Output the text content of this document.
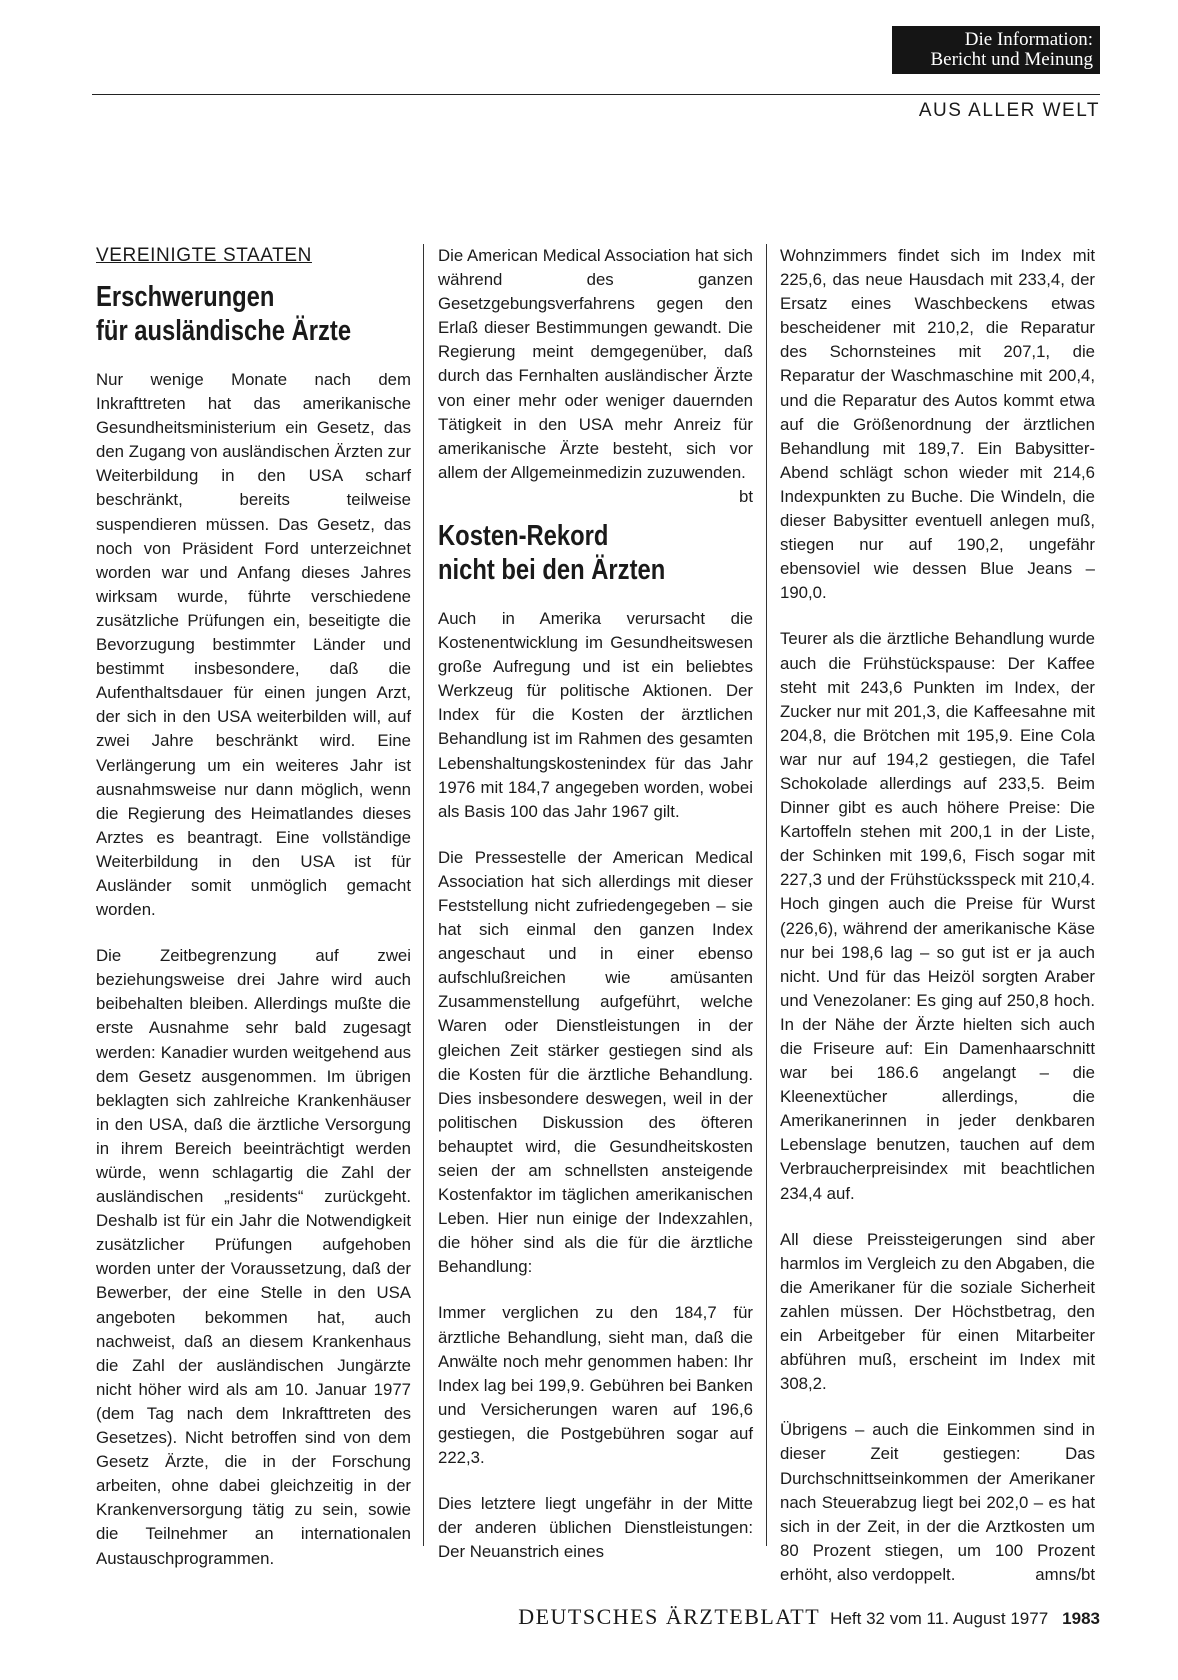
Die Information:
Bericht und Meinung
AUS ALLER WELT
VEREINIGTE STAATEN
Erschwerungen
für ausländische Ärzte

Nur wenige Monate nach dem Inkrafttreten hat das amerikanische Gesundheitsministerium ein Gesetz, das den Zugang von ausländischen Ärzten zur Weiterbildung in den USA scharf beschränkt, bereits teilweise suspendieren müssen. Das Gesetz, das noch von Präsident Ford unterzeichnet worden war und Anfang dieses Jahres wirksam wurde, führte verschiedene zusätzliche Prüfungen ein, beseitigte die Bevorzugung bestimmter Länder und bestimmt insbesondere, daß die Aufenthaltsdauer für einen jungen Arzt, der sich in den USA weiterbilden will, auf zwei Jahre beschränkt wird. Eine Verlängerung um ein weiteres Jahr ist ausnahmsweise nur dann möglich, wenn die Regierung des Heimatlandes dieses Arztes es beantragt. Eine vollständige Weiterbildung in den USA ist für Ausländer somit unmöglich gemacht worden.

Die Zeitbegrenzung auf zwei beziehungsweise drei Jahre wird auch beibehalten bleiben. Allerdings mußte die erste Ausnahme sehr bald zugesagt werden: Kanadier wurden weitgehend aus dem Gesetz ausgenommen. Im übrigen beklagten sich zahlreiche Krankenhäuser in den USA, daß die ärztliche Versorgung in ihrem Bereich beeinträchtigt werden würde, wenn schlagartig die Zahl der ausländischen „residents“ zurückgeht. Deshalb ist für ein Jahr die Notwendigkeit zusätzlicher Prüfungen aufgehoben worden unter der Voraussetzung, daß der Bewerber, der eine Stelle in den USA angeboten bekommen hat, auch nachweist, daß an diesem Krankenhaus die Zahl der ausländischen Jungärzte nicht höher wird als am 10. Januar 1977 (dem Tag nach dem Inkrafttreten des Gesetzes). Nicht betroffen sind von dem Gesetz Ärzte, die in der Forschung arbeiten, ohne dabei gleichzeitig in der Krankenversorgung tätig zu sein, sowie die Teilnehmer an internationalen Austauschprogrammen.

Die American Medical Association hat sich während des ganzen Gesetzgebungsverfahrens gegen den Erlaß dieser Bestimmungen gewandt. Die Regierung meint demgegenüber, daß durch das Fernhalten ausländischer Ärzte von einer mehr oder weniger dauernden Tätigkeit in den USA mehr Anreiz für amerikanische Ärzte besteht, sich vor allem der Allgemeinmedizin zuzuwenden.
bt

Kosten-Rekord
nicht bei den Ärzten

Auch in Amerika verursacht die Kostenentwicklung im Gesundheitswesen große Aufregung und ist ein beliebtes Werkzeug für politische Aktionen. Der Index für die Kosten der ärztlichen Behandlung ist im Rahmen des gesamten Lebenshaltungskostenindex für das Jahr 1976 mit 184,7 angegeben worden, wobei als Basis 100 das Jahr 1967 gilt.

Die Pressestelle der American Medical Association hat sich allerdings mit dieser Feststellung nicht zufriedengegeben – sie hat sich einmal den ganzen Index angeschaut und in einer ebenso aufschlußreichen wie amüsanten Zusammenstellung aufgeführt, welche Waren oder Dienstleistungen in der gleichen Zeit stärker gestiegen sind als die Kosten für die ärztliche Behandlung. Dies insbesondere deswegen, weil in der politischen Diskussion des öfteren behauptet wird, die Gesundheitskosten seien der am schnellsten ansteigende Kostenfaktor im täglichen amerikanischen Leben. Hier nun einige der Indexzahlen, die höher sind als die für die ärztliche Behandlung:

Immer verglichen zu den 184,7 für ärztliche Behandlung, sieht man, daß die Anwälte noch mehr genommen haben: Ihr Index lag bei 199,9. Gebühren bei Banken und Versicherungen waren auf 196,6 gestiegen, die Postgebühren sogar auf 222,3.

Dies letztere liegt ungefähr in der Mitte der anderen üblichen Dienstleistungen: Der Neuanstrich eines

Wohnzimmers findet sich im Index mit 225,6, das neue Hausdach mit 233,4, der Ersatz eines Waschbeckens etwas bescheidener mit 210,2, die Reparatur des Schornsteines mit 207,1, die Reparatur der Waschmaschine mit 200,4, und die Reparatur des Autos kommt etwa auf die Größenordnung der ärztlichen Behandlung mit 189,7. Ein Babysitter-Abend schlägt schon wieder mit 214,6 Indexpunkten zu Buche. Die Windeln, die dieser Babysitter eventuell anlegen muß, stiegen nur auf 190,2, ungefähr ebensoviel wie dessen Blue Jeans – 190,0.

Teurer als die ärztliche Behandlung wurde auch die Frühstückspause: Der Kaffee steht mit 243,6 Punkten im Index, der Zucker nur mit 201,3, die Kaffeesahne mit 204,8, die Brötchen mit 195,9. Eine Cola war nur auf 194,2 gestiegen, die Tafel Schokolade allerdings auf 233,5. Beim Dinner gibt es auch höhere Preise: Die Kartoffeln stehen mit 200,1 in der Liste, der Schinken mit 199,6, Fisch sogar mit 227,3 und der Frühstücksspeck mit 210,4. Hoch gingen auch die Preise für Wurst (226,6), während der amerikanische Käse nur bei 198,6 lag – so gut ist er ja auch nicht. Und für das Heizöl sorgten Araber und Venezolaner: Es ging auf 250,8 hoch. In der Nähe der Ärzte hielten sich auch die Friseure auf: Ein Damenhaarschnitt war bei 186.6 angelangt – die Kleenextücher allerdings, die Amerikanerinnen in jeder denkbaren Lebenslage benutzen, tauchen auf dem Verbraucherpreisindex mit beachtlichen 234,4 auf.

All diese Preissteigerungen sind aber harmlos im Vergleich zu den Abgaben, die die Amerikaner für die soziale Sicherheit zahlen müssen. Der Höchstbetrag, den ein Arbeitgeber für einen Mitarbeiter abführen muß, erscheint im Index mit 308,2.

Übrigens – auch die Einkommen sind in dieser Zeit gestiegen: Das Durchschnittseinkommen der Amerikaner nach Steuerabzug liegt bei 202,0 – es hat sich in der Zeit, in der die Arztkosten um 80 Prozent stiegen, um 100 Prozent erhöht, also verdoppelt.	amns/bt

DEUTSCHES ÄRZTEBLATT Heft 32 vom 11. August 1977 1983
